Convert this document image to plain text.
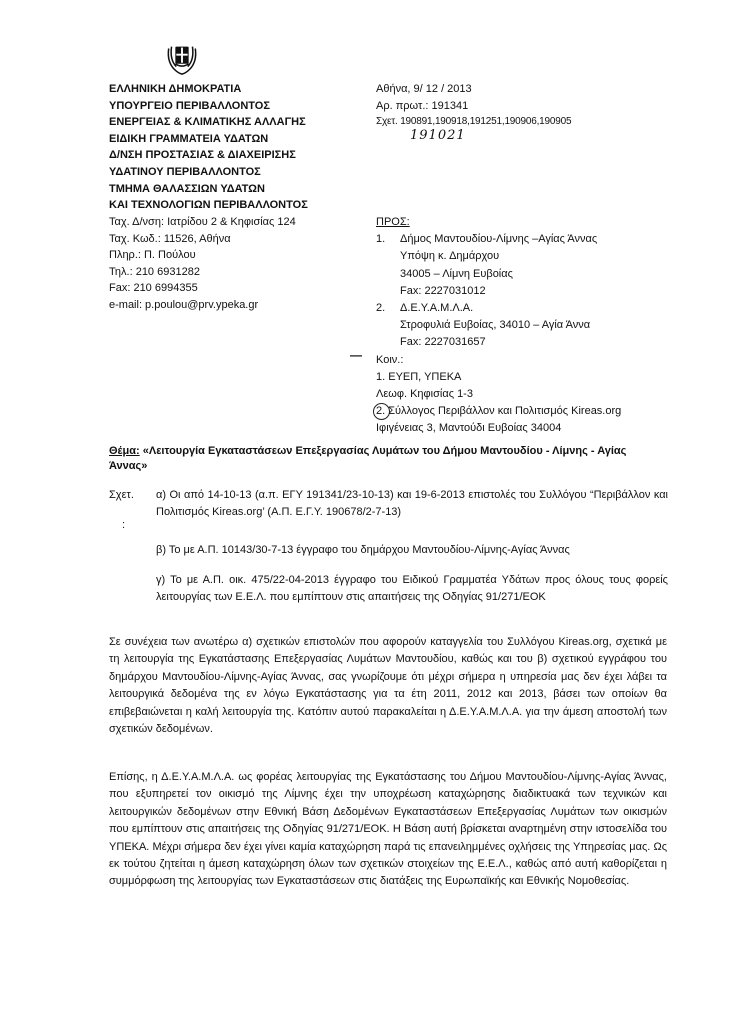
ΕΛΛΗΝΙΚΗ ΔΗΜΟΚΡΑΤΙΑ
ΥΠΟΥΡΓΕΙΟ ΠΕΡΙΒΑΛΛΟΝΤΟΣ
ΕΝΕΡΓΕΙΑΣ & ΚΛΙΜΑΤΙΚΗΣ ΑΛΛΑΓΗΣ
ΕΙΔΙΚΗ ΓΡΑΜΜΑΤΕΙΑ ΥΔΑΤΩΝ
Δ/ΝΣΗ ΠΡΟΣΤΑΣΙΑΣ & ΔΙΑΧΕΙΡΙΣΗΣ
ΥΔΑΤΙΝΟΥ ΠΕΡΙΒΑΛΛΟΝΤΟΣ
ΤΜΗΜΑ ΘΑΛΑΣΣΙΩΝ ΥΔΑΤΩΝ
ΚΑΙ ΤΕΧΝΟΛΟΓΙΩΝ ΠΕΡΙΒΑΛΛΟΝΤΟΣ
Ταχ. Δ/νση: Ιατρίδου 2 & Κηφισίας 124
Ταχ. Κωδ.: 11526, Αθήνα
Πληρ.: Π. Πούλου
Τηλ.: 210 6931282
Fax: 210 6994355
e-mail: p.poulou@prv.ypeka.gr
Αθήνα, 9/ 12 / 2013
Αρ. πρωτ.: 191341
Σχετ. 190891,190918,191251,190906,190905
191021
ΠΡΟΣ:
1. Δήμος Μαντουδίου-Λίμνης –Αγίας Άννας
Υπόψη κ. Δημάρχου
34005 – Λίμνη Ευβοίας
Fax: 2227031012
2. Δ.Ε.Υ.Α.Μ.Λ.Α.
Στροφυλιά Ευβοίας, 34010 – Αγία Άννα
Fax: 2227031657
Κοιν.:
1. ΕΥΕΠ, ΥΠΕΚΑ
Λεωφ. Κηφισίας 1-3
2. Σύλλογος Περιβάλλον και Πολιτισμός Kireas.org
Ιφιγένειας 3, Μαντούδι Ευβοίας 34004
—
Θέμα: «Λειτουργία Εγκαταστάσεων Επεξεργασίας Λυμάτων του Δήμου Μαντουδίου - Λίμνης - Αγίας Άννας»
Σχετ.
:
α) Οι από 14-10-13 (α.π. ΕΓΥ 191341/23-10-13) και 19-6-2013 επιστολές του Συλλόγου “Περιβάλλον και Πολιτισμός Kireas.org’ (Α.Π. Ε.Γ.Υ. 190678/2-7-13)
β) Το με Α.Π. 10143/30-7-13 έγγραφο του δημάρχου Μαντουδίου-Λίμνης-Αγίας Άννας
γ) Το με Α.Π. οικ. 475/22-04-2013 έγγραφο του Ειδικού Γραμματέα Υδάτων προς όλους τους φορείς λειτουργίας των Ε.Ε.Λ. που εμπίπτουν στις απαιτήσεις της Οδηγίας 91/271/ΕΟΚ
Σε συνέχεια των ανωτέρω α) σχετικών επιστολών που αφορούν καταγγελία του Συλλόγου Kireas.org, σχετικά με τη λειτουργία της Εγκατάστασης Επεξεργασίας Λυμάτων Μαντουδίου, καθώς και του β) σχετικού εγγράφου του δημάρχου Μαντουδίου-Λίμνης-Αγίας Άννας, σας γνωρίζουμε ότι μέχρι σήμερα η υπηρεσία μας δεν έχει λάβει τα λειτουργικά δεδομένα της εν λόγω Εγκατάστασης για τα έτη 2011, 2012 και 2013, βάσει των οποίων θα επιβεβαιώνεται η καλή λειτουργία της. Κατόπιν αυτού παρακαλείται η Δ.Ε.Υ.Α.Μ.Λ.Α. για την άμεση αποστολή των σχετικών δεδομένων.
Επίσης, η Δ.Ε.Υ.Α.Μ.Λ.Α. ως φορέας λειτουργίας της Εγκατάστασης του Δήμου Μαντουδίου-Λίμνης-Αγίας Άννας, που εξυπηρετεί τον οικισμό της Λίμνης έχει την υποχρέωση καταχώρησης διαδικτυακά των τεχνικών και λειτουργικών δεδομένων στην Εθνική Βάση Δεδομένων Εγκαταστάσεων Επεξεργασίας Λυμάτων των οικισμών που εμπίπτουν στις απαιτήσεις της Οδηγίας 91/271/ΕΟΚ. Η Βάση αυτή βρίσκεται αναρτημένη στην ιστοσελίδα του ΥΠΕΚΑ. Μέχρι σήμερα δεν έχει γίνει καμία καταχώρηση παρά τις επανειλημμένες οχλήσεις της Υπηρεσίας μας. Ως εκ τούτου ζητείται η άμεση καταχώρηση όλων των σχετικών στοιχείων της Ε.Ε.Λ., καθώς από αυτή καθορίζεται η συμμόρφωση της λειτουργίας των Εγκαταστάσεων στις διατάξεις της Ευρωπαϊκής και Εθνικής Νομοθεσίας.
